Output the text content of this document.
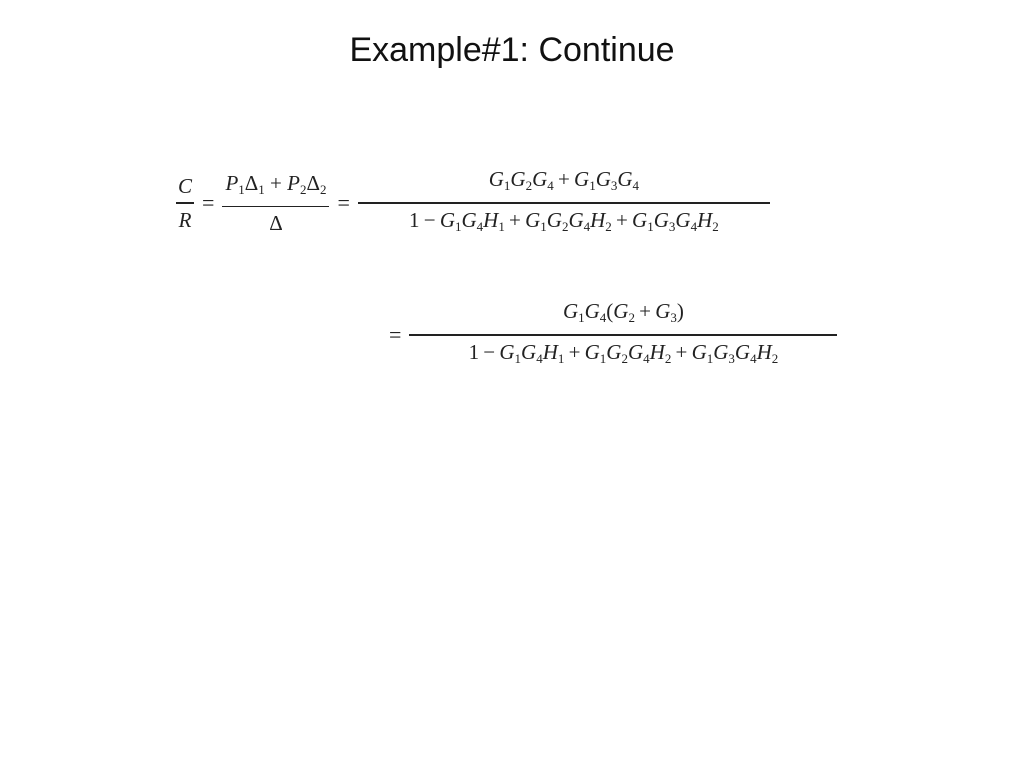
Example#1: Continue
$\frac{C}{R} = \frac{P_1\Delta_1 + P_2\Delta_2}{\Delta} = \frac{G_1G_2G_4 + G_1G_3G_4}{1 - G_1G_4H_1 + G_1G_2G_4H_2 + G_1G_3G_4H_2}$
= $\frac{G_1G_4(G_2 + G_3)}{1 - G_1G_4H_1 + G_1G_2G_4H_2 + G_1G_3G_4H_2}$
